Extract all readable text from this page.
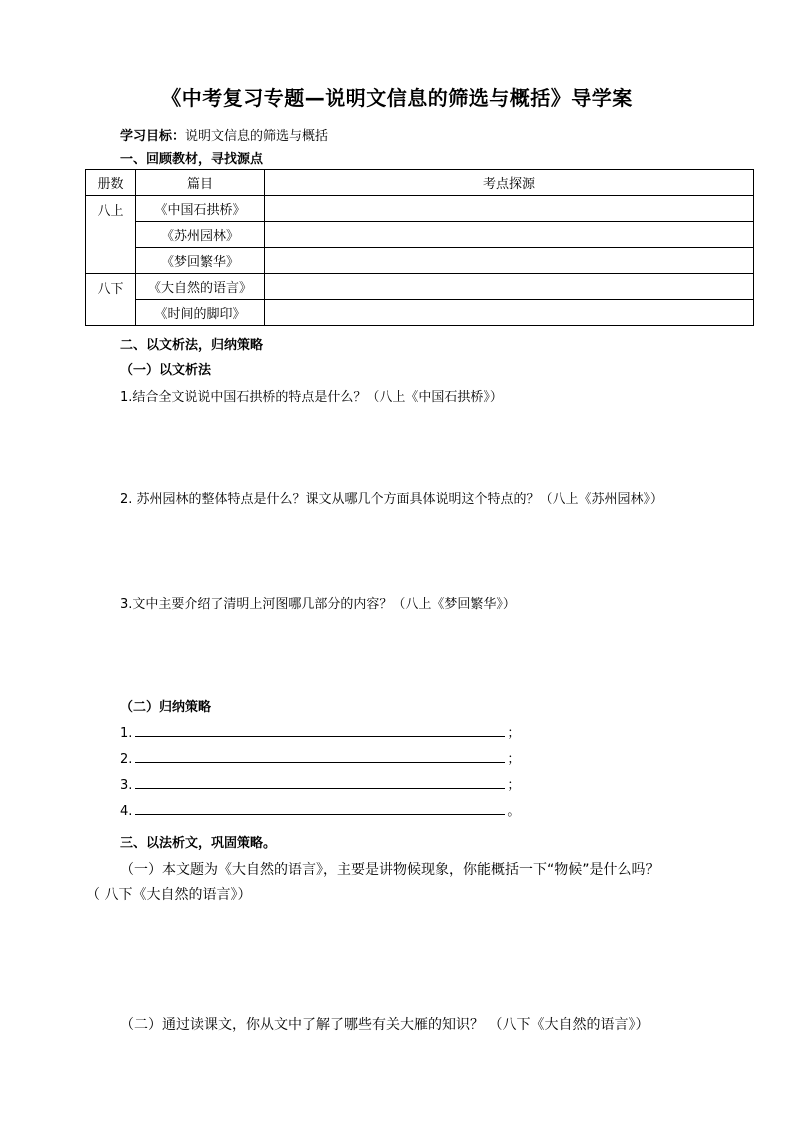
《中考复习专题—说明文信息的筛选与概括》导学案
学习目标：说明文信息的筛选与概括
一、回顾教材，寻找源点
册数	篇目	考点探源
八上	《中国石拱桥》	
	《苏州园林》	
	《梦回繁华》	
八下	《大自然的语言》	
	《时间的脚印》	
二、以文析法，归纳策略
（一）以文析法
1.结合全文说说中国石拱桥的特点是什么？（八上《中国石拱桥》）
2. 苏州园林的整体特点是什么？课文从哪几个方面具体说明这个特点的？（八上《苏州园林》）
3.文中主要介绍了清明上河图哪几部分的内容？（八上《梦回繁华》）
（二）归纳策略
1.	；
2.	；
3.	；
4.	。
三、以法析文，巩固策略。
（一）本文题为《大自然的语言》，主要是讲物候现象，你能概括一下“物候”是什么吗？
（ 八下《大自然的语言》）
（二）通过读课文，你从文中了解了哪些有关大雁的知识？ （八下《大自然的语言》）
